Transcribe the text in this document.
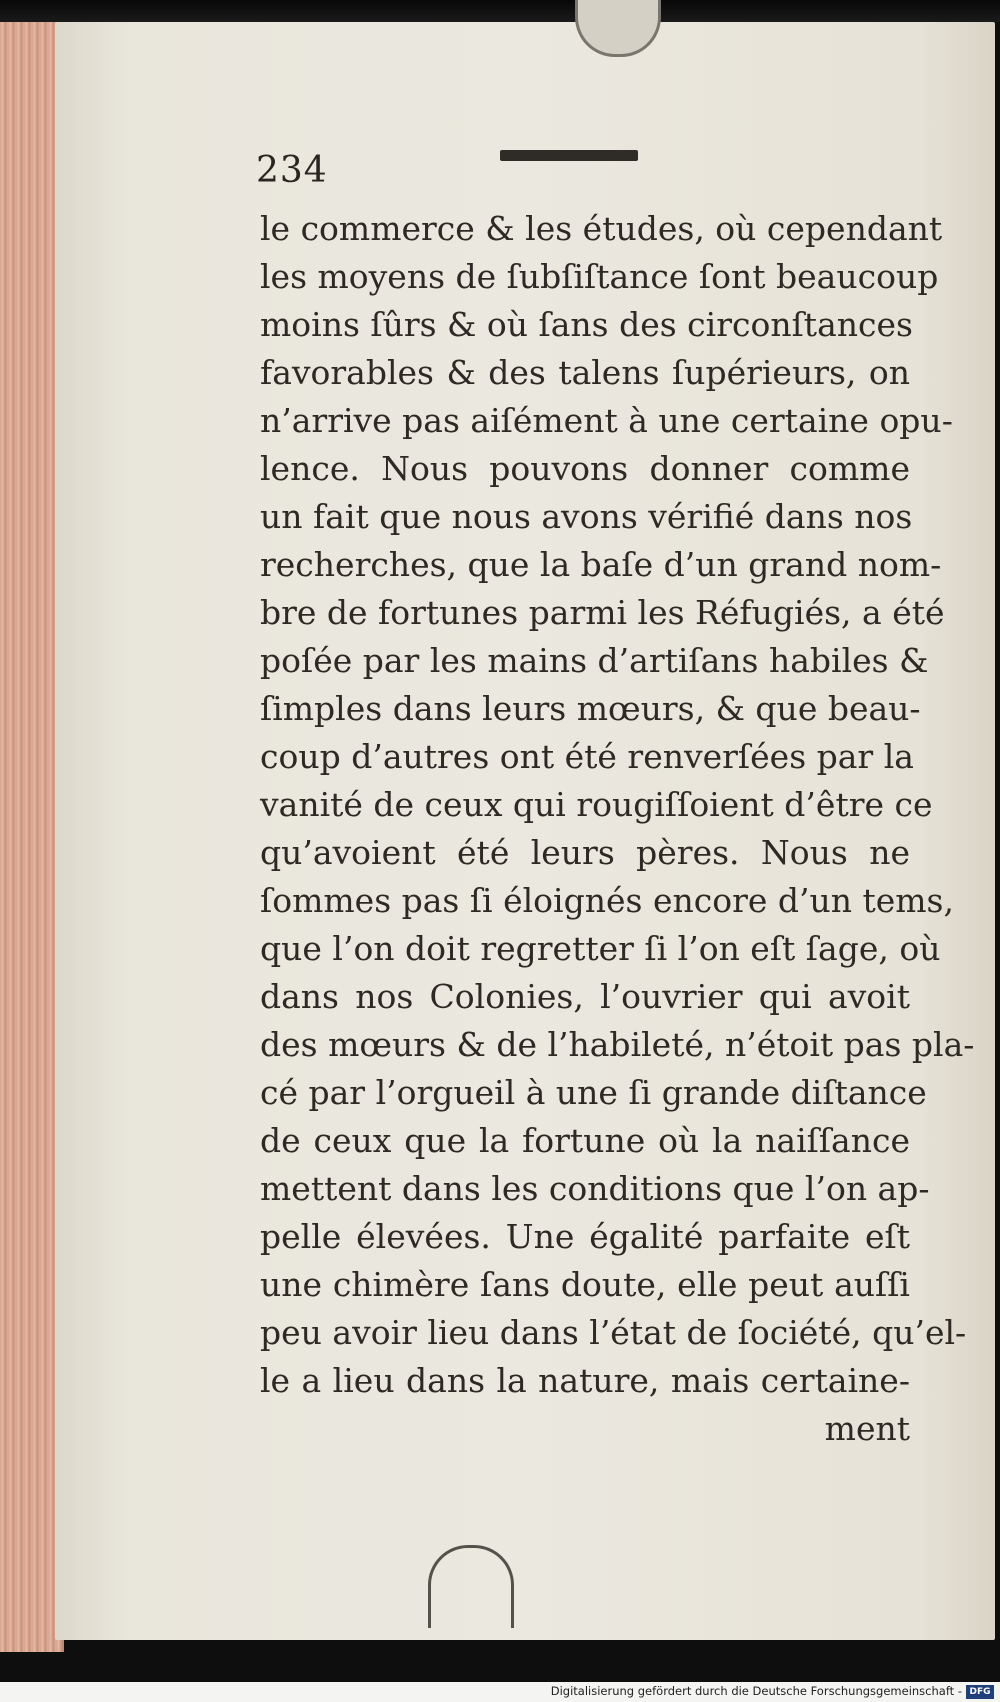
234
le commerce & les études, où cependant
les moyens de ſubſiſtance ſont beaucoup
moins ſûrs & où ſans des circonſtances
favorables & des talens ſupérieurs, on
n’arrive pas aiſément à une certaine opu-
lence. Nous pouvons donner comme
un fait que nous avons vérifié dans nos
recherches, que la baſe d’un grand nom-
bre de fortunes parmi les Réfugiés, a été
poſée par les mains d’artiſans habiles &
ſimples dans leurs mœurs, & que beau-
coup d’autres ont été renverſées par la
vanité de ceux qui rougiſſoient d’être ce
qu’avoient été leurs pères. Nous ne
ſommes pas ſi éloignés encore d’un tems,
que l’on doit regretter ſi l’on eſt ſage, où
dans nos Colonies, l’ouvrier qui avoit
des mœurs & de l’habileté, n’étoit pas pla-
cé par l’orgueil à une ſi grande diſtance
de ceux que la fortune où la naiſſance
mettent dans les conditions que l’on ap-
pelle élevées. Une égalité parfaite eſt
une chimère ſans doute, elle peut auſſi
peu avoir lieu dans l’état de ſociété, qu’el-
le a lieu dans la nature, mais certaine-
ment
Digitalisierung gefördert durch die Deutsche Forschungsgemeinschaft - DFG
